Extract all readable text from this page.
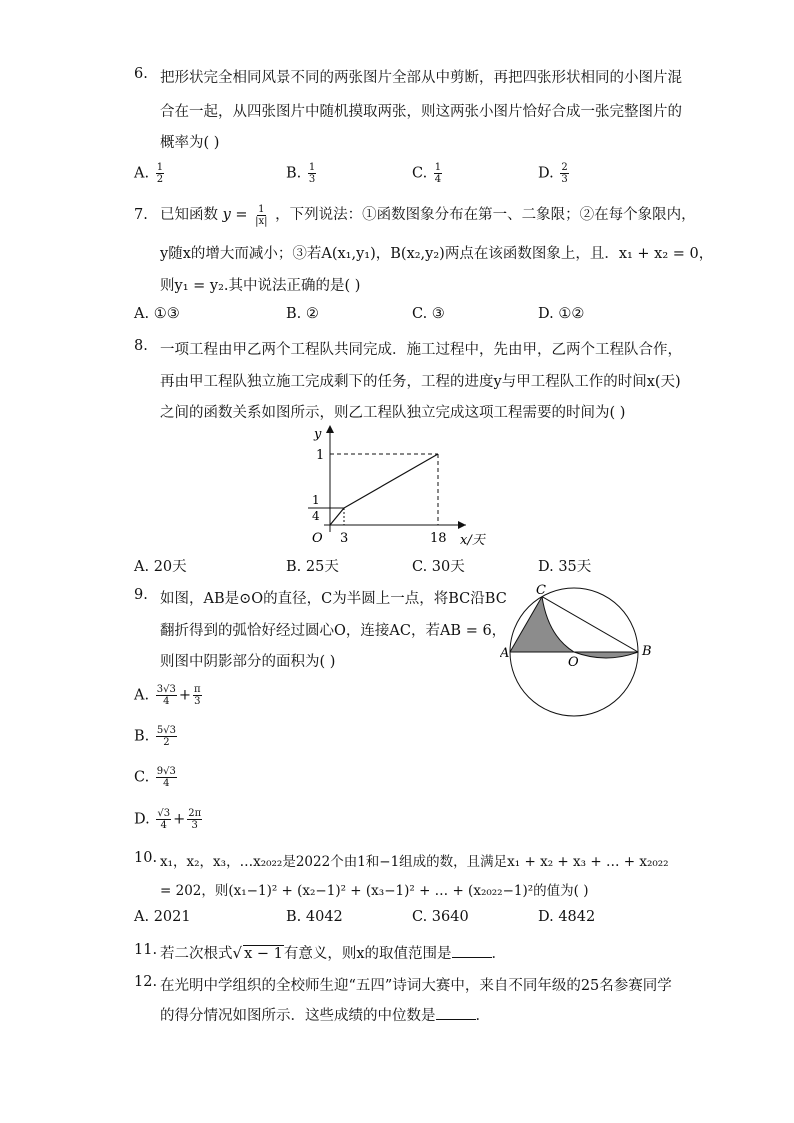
6. 把形状完全相同风景不同的两张图片全部从中剪断，再把四张形状相同的小图片混
合在一起，从四张图片中随机摸取两张，则这两张小图片恰好合成一张完整图片的
概率为( )
A. $\frac{1}{2}$	B. $\frac{1}{3}$	C. $\frac{1}{4}$	D. $\frac{2}{3}$
7. 已知函数 $y = \frac{1}{|x|}$ ，下列说法：①函数图象分布在第一、二象限；②在每个象限内，
y随x的增大而减小；③若A(x₁,y₁)，B(x₂,y₂)两点在该函数图象上，且．x₁ + x₂ = 0，
则y₁ = y₂.其中说法正确的是( )
A. ①③	B. ②	C. ③	D. ①②
8. 一项工程由甲乙两个工程队共同完成．施工过程中，先由甲，乙两个工程队合作，
再由甲工程队独立施工完成剩下的任务，工程的进度y与甲工程队工作的时间x(天)
之间的函数关系如图所示，则乙工程队独立完成这项工程需要的时间为( )
y
1
1
4
O 3	18 x/天
A. 20天	B. 25天	C. 30天	D. 35天
9. 如图，AB是⊙O的直径，C为半圆上一点，将BC沿BC
翻折得到的弧恰好经过圆心O，连接AC，若AB = 6，
则图中阴影部分的面积为( )
C
A
O
B
A. $\frac{3√3}{4} + \frac{\pi}{3}$
B. $\frac{5√3}{2}$
C. $\frac{9√3}{4}$
D. $\frac{√3}{4} + \frac{2\pi}{3}$
10. x₁，x₂，x₃，…x₂₀₂₂是2022个由1和−1组成的数，且满足x₁ + x₂ + x₃ + … + x₂₀₂₂
= 202，则(x₁−1)² + (x₂−1)² + (x₃−1)² + … + (x₂₀₂₂−1)²的值为( )
A. 2021	B. 4042	C. 3640	D. 4842
11. 若二次根式√ x − 1有意义，则x的取值范围是	．
12. 在光明中学组织的全校师生迎“五四”诗词大赛中，来自不同年级的25名参赛同学
的得分情况如图所示．这些成绩的中位数是	．
